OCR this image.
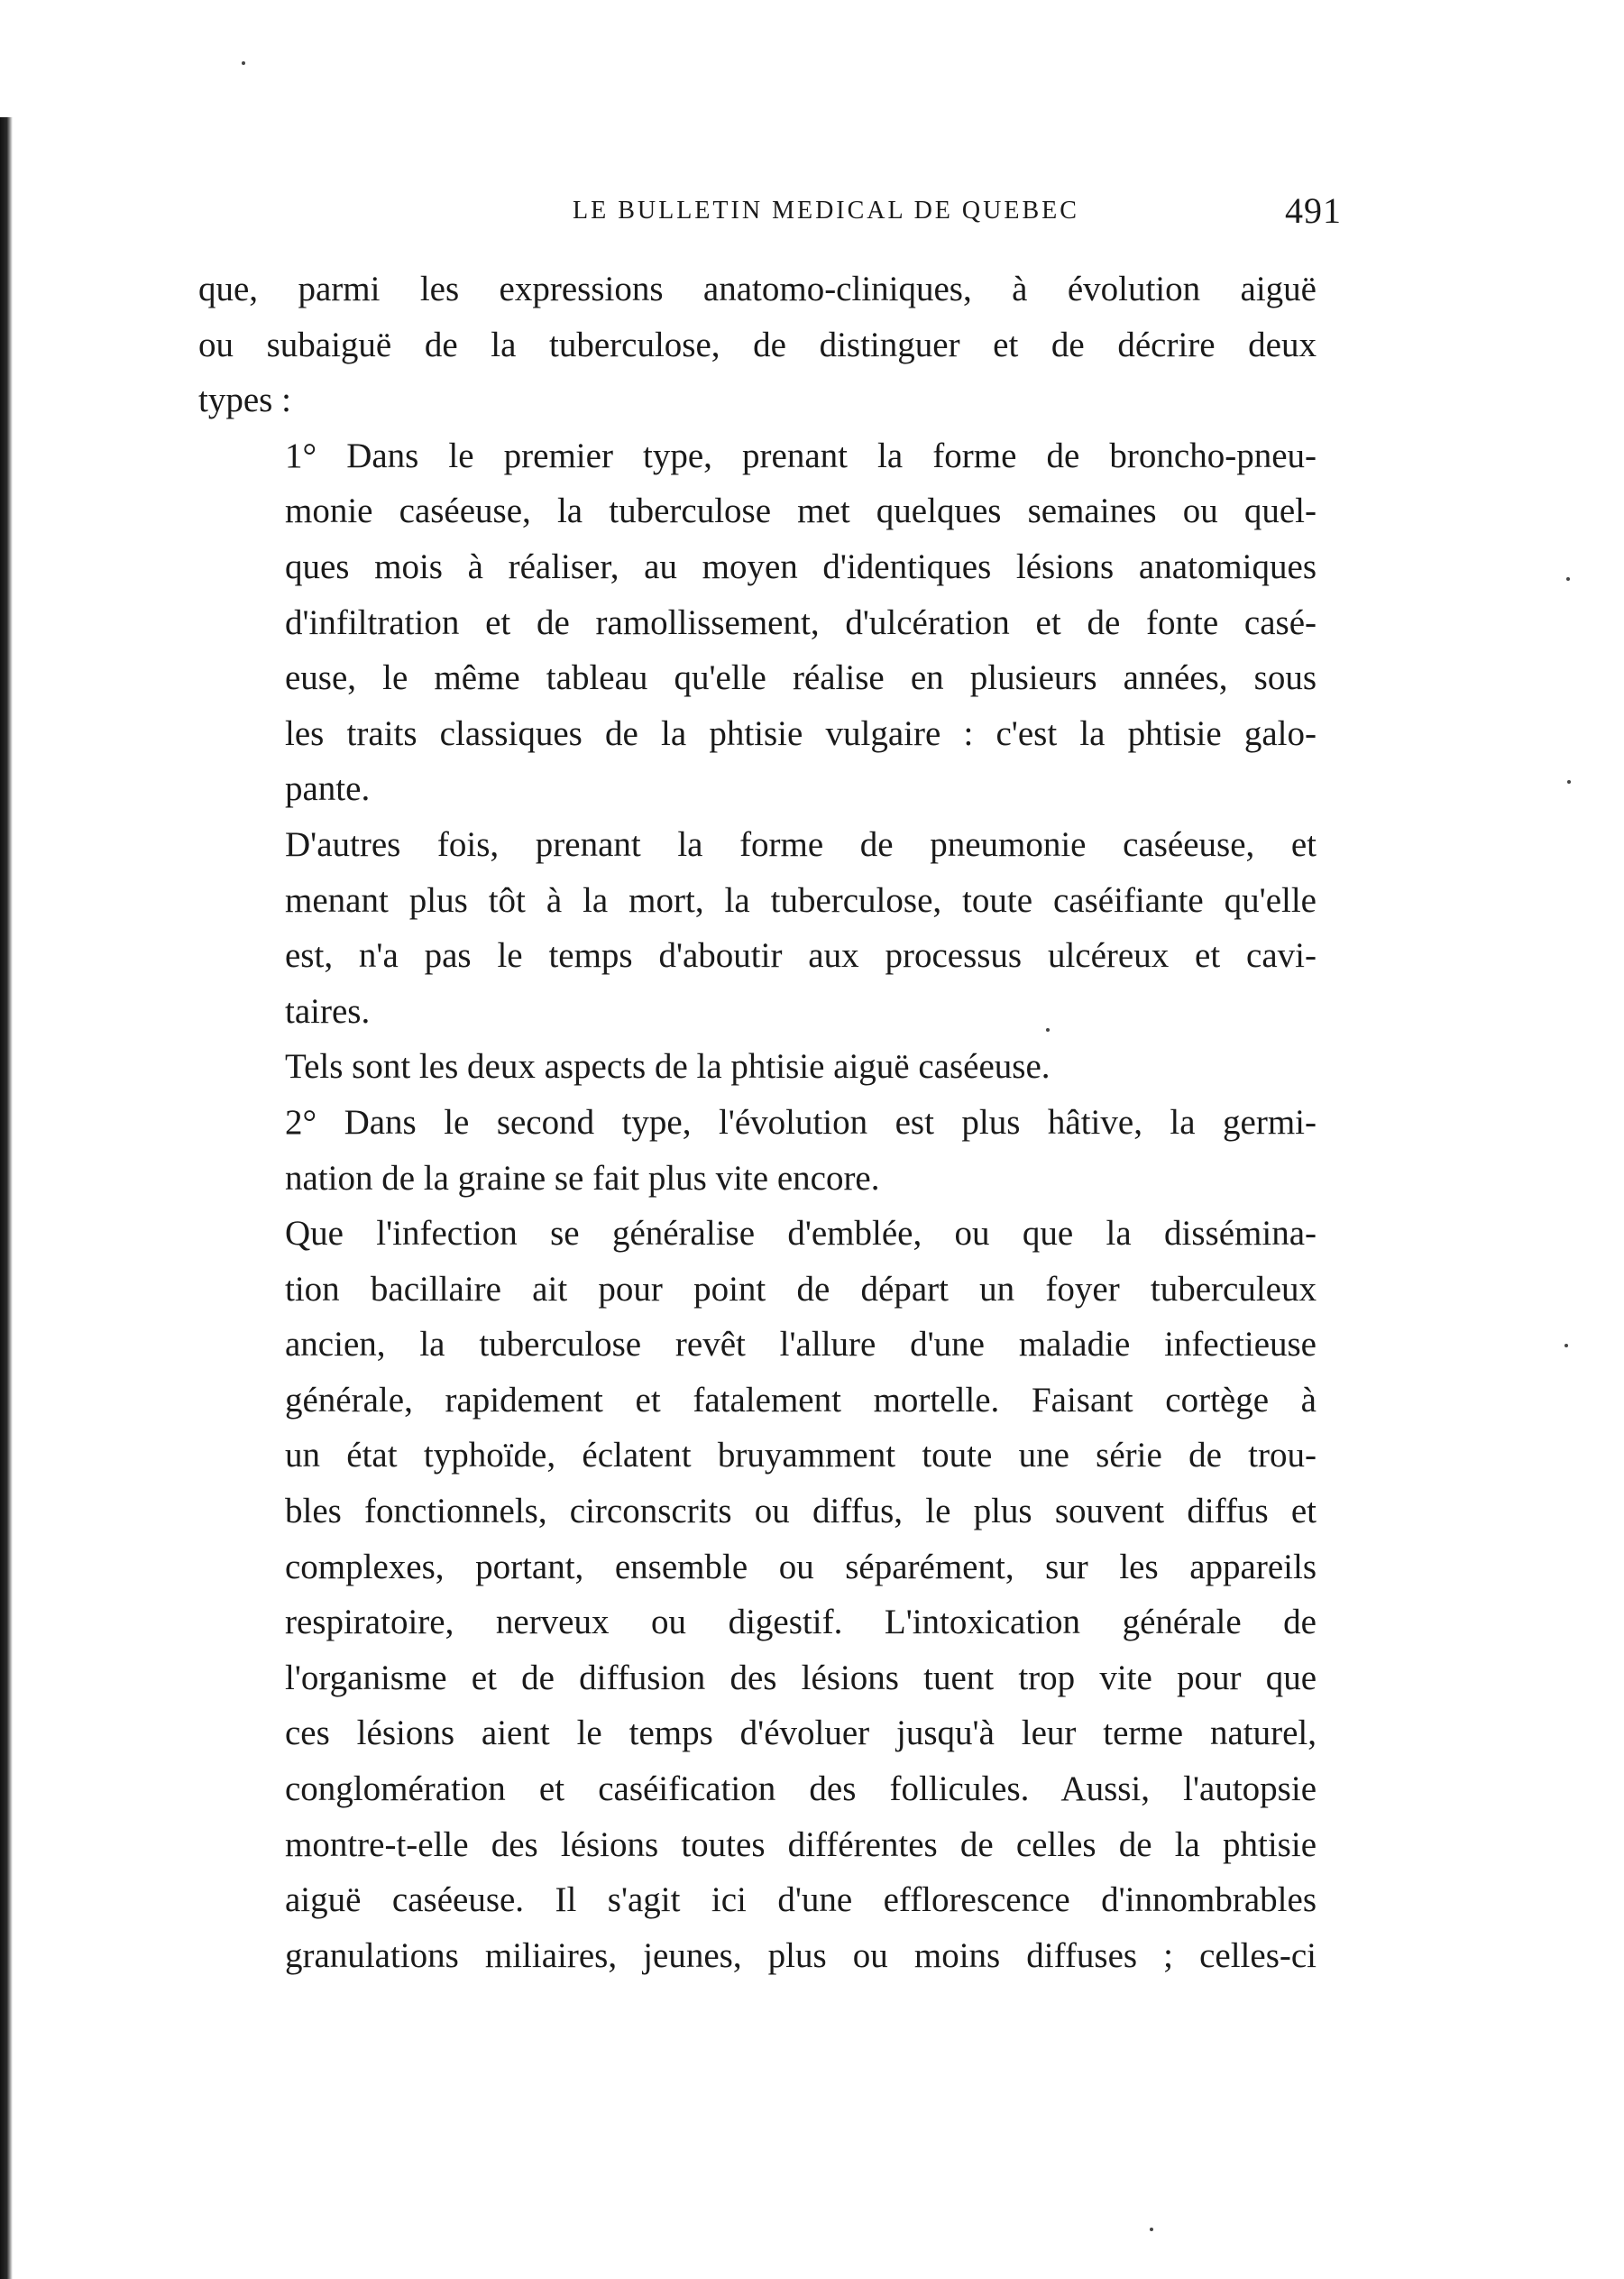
LE BULLETIN MEDICAL DE QUEBEC	491

que, parmi les expressions anatomo-cliniques, à évolution aiguë
ou subaiguë de la tuberculose, de distinguer et de décrire deux
types :

1° Dans le premier type, prenant la forme de broncho-pneu-
monie caséeuse, la tuberculose met quelques semaines ou quel-
ques mois à réaliser, au moyen d'identiques lésions anatomiques
d'infiltration et de ramollissement, d'ulcération et de fonte casé-
euse, le même tableau qu'elle réalise en plusieurs années, sous
les traits classiques de la phtisie vulgaire : c'est la phtisie galo-
pante.

D'autres fois, prenant la forme de pneumonie caséeuse, et
menant plus tôt à la mort, la tuberculose, toute caséifiante qu'elle
est, n'a pas le temps d'aboutir aux processus ulcéreux et cavi-
taires.

Tels sont les deux aspects de la phtisie aiguë caséeuse.

2° Dans le second type, l'évolution est plus hâtive, la germi-
nation de la graine se fait plus vite encore.

Que l'infection se généralise d'emblée, ou que la dissémina-
tion bacillaire ait pour point de départ un foyer tuberculeux
ancien, la tuberculose revêt l'allure d'une maladie infectieuse
générale, rapidement et fatalement mortelle. Faisant cortège à
un état typhoïde, éclatent bruyamment toute une série de trou-
bles fonctionnels, circonscrits ou diffus, le plus souvent diffus et
complexes, portant, ensemble ou séparément, sur les appareils
respiratoire, nerveux ou digestif. L'intoxication générale de
l'organisme et de diffusion des lésions tuent trop vite pour que
ces lésions aient le temps d'évoluer jusqu'à leur terme naturel,
conglomération et caséification des follicules. Aussi, l'autopsie
montre-t-elle des lésions toutes différentes de celles de la phtisie
aiguë caséeuse. Il s'agit ici d'une efflorescence d'innombrables
granulations miliaires, jeunes, plus ou moins diffuses ; celles-ci
